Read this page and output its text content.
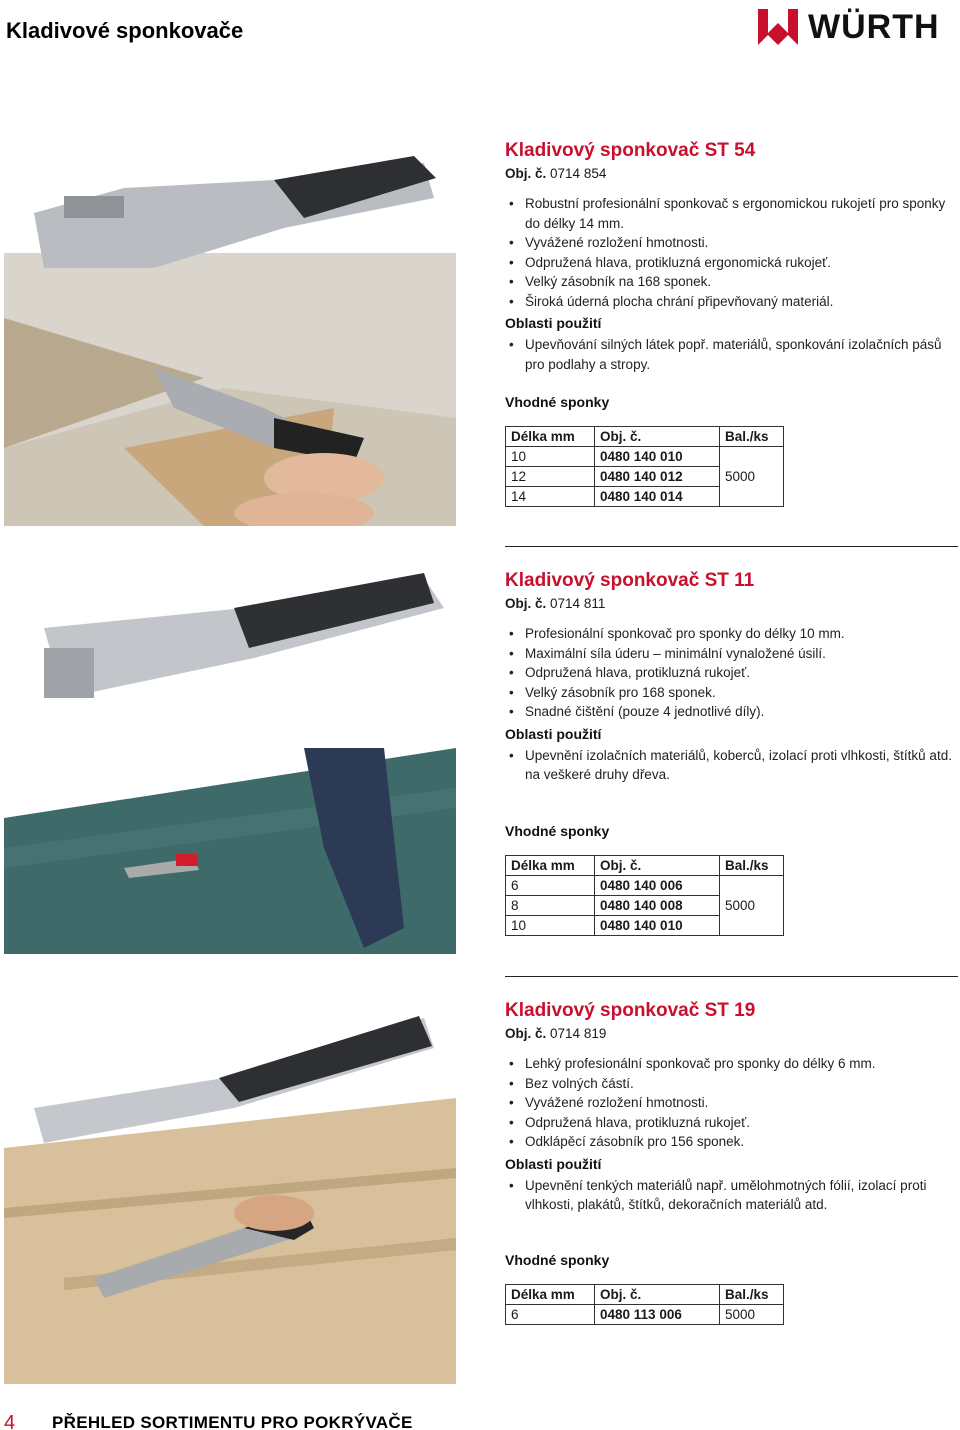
Kladivové sponkovače	WÜRTH
Kladivový sponkovač ST 54
Obj. č. 0714 854
• Robustní profesionální sponkovač s ergonomickou rukojetí pro sponky do délky 14 mm.
• Vyvážené rozložení hmotnosti.
• Odpružená hlava, protikluzná ergonomická rukojeť.
• Velký zásobník na 168 sponek.
• Široká úderná plocha chrání připevňovaný materiál.
Oblasti použití
• Upevňování silných látek popř. materiálů, sponkování izolačních pásů pro podlahy a stropy.
Vhodné sponky
Délka mm	Obj. č.	Bal./ks
10	0480 140 010	5000
12	0480 140 012	
14	0480 140 014	
Kladivový sponkovač ST 11
Obj. č. 0714 811
• Profesionální sponkovač pro sponky do délky 10 mm.
• Maximální síla úderu – minimální vynaložené úsilí.
• Odpružená hlava, protikluzná rukojeť.
• Velký zásobník pro 168 sponek.
• Snadné čištění (pouze 4 jednotlivé díly).
Oblasti použití
• Upevnění izolačních materiálů, koberců, izolací proti vlhkosti, štítků atd. na veškeré druhy dřeva.
Vhodné sponky
Délka mm	Obj. č.	Bal./ks
6	0480 140 006	5000
8	0480 140 008	
10	0480 140 010	
Kladivový sponkovač ST 19
Obj. č. 0714 819
• Lehký profesionální sponkovač pro sponky do délky 6 mm.
• Bez volných částí.
• Vyvážené rozložení hmotnosti.
• Odpružená hlava, protikluzná rukojeť.
• Odklápěcí zásobník pro 156 sponek.
Oblasti použití
• Upevnění tenkých materiálů např. umělohmotných fólií, izolací proti vlhkosti, plakátů, štítků, dekoračních materiálů atd.
Vhodné sponky
Délka mm	Obj. č.	Bal./ks
6	0480 113 006	5000
4 PŘEHLED SORTIMENTU PRO POKRÝVAČE
